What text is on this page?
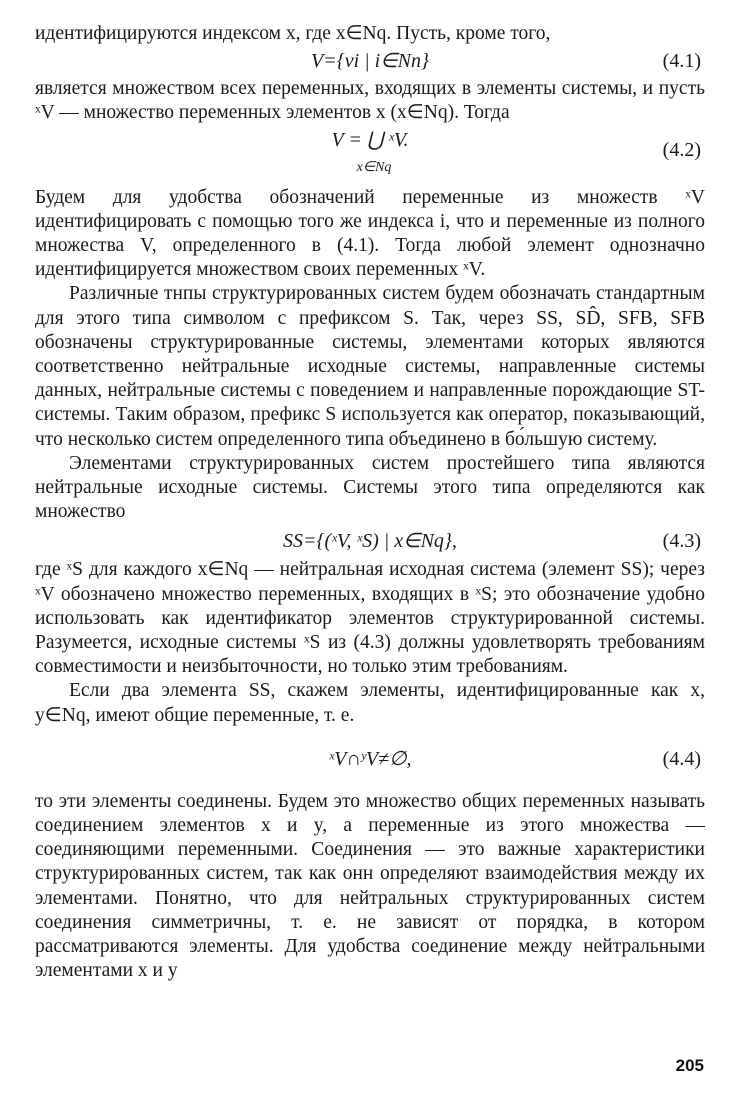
идентифицируются индексом x, где x∈Nq. Пусть, кроме того,

V={vi | i∈Nn}	(4.1)

является множеством всех переменных, входящих в элементы системы, и пусть ˣV — множество переменных элементов x (x∈Nq). Тогда

V = ⋃ ˣV.
x∈Nq
(4.2)

Будем для удобства обозначений переменные из множеств ˣV идентифицировать с помощью того же индекса i, что и переменные из полного множества V, определенного в (4.1). Тогда любой элемент однозначно идентифицируется множеством своих переменных ˣV.

Различные тнпы структурированных систем будем обозначать стандартным для этого типа символом с префиксом S. Так, через SS, SD̂, SFB, SFB обозначены структурированные системы, элементами которых являются соответственно нейтральные исходные системы, направленные системы данных, нейтральные системы с поведением и направленные порождающие ST-системы. Таким образом, префикс S используется как оператор, показывающий, что несколько систем определенного типа объединено в бо́льшую систему.

Элементами структурированных систем простейшего типа являются нейтральные исходные системы. Системы этого типа определяются как множество

SS={(ˣV, ˣS) | x∈Nq},	(4.3)

где ˣS для каждого x∈Nq — нейтральная исходная система (элемент SS); через ˣV обозначено множество переменных, входящих в ˣS; это обозначение удобно использовать как идентификатор элементов структурированной системы. Разумеется, исходные системы ˣS из (4.3) должны удовлетворять требованиям совместимости и неизбыточности, но только этим требованиям.

Если два элемента SS, скажем элементы, идентифицированные как x, y∈Nq, имеют общие переменные, т. е.

ˣV∩ʸV≠∅,	(4.4)

то эти элементы соединены. Будем это множество общих переменных называть соединением элементов x и y, а переменные из этого множества — соединяющими переменными. Соединения — это важные характеристики структурированных систем, так как онн определяют взаимодействия между их элементами. Понятно, что для нейтральных структурированных систем соединения симметричны, т. е. не зависят от порядка, в котором рассматриваются элементы. Для удобства соединение между нейтральными элементами x и y

205
